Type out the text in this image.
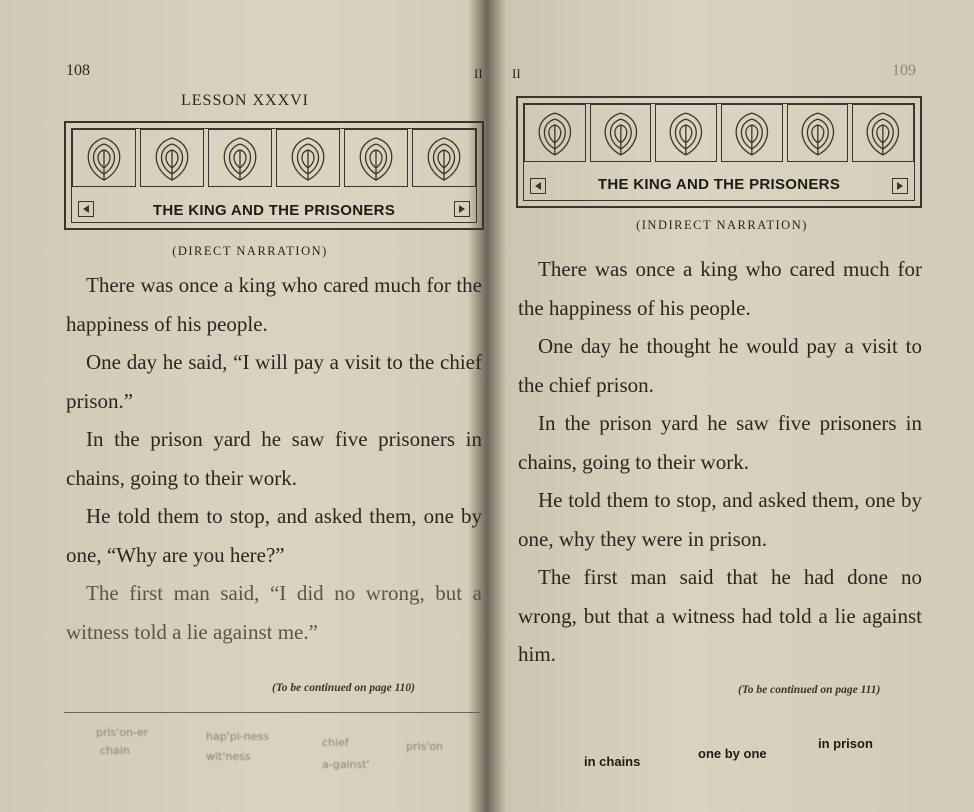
108	II
LESSON XXXVI
THE KING AND THE PRISONERS
(DIRECT NARRATION)

There was once a king who cared much for the happiness of his people.

One day he said, “I will pay a visit to the chief prison.”

In the prison yard he saw five prisoners in chains, going to their work.

He told them to stop, and asked them, one by one, “Why are you here?”

The first man said, “I did no wrong, but a witness told a lie against me.”

(To be continued on page 110)
pris'on-er
chain
hap'pi-ness
wit'ness
chief
a-gainst'
pris'on
II	109
THE KING AND THE PRISONERS
(INDIRECT NARRATION)

There was once a king who cared much for the happiness of his people.

One day he thought he would pay a visit to the chief prison.

In the prison yard he saw five prisoners in chains, going to their work.

He told them to stop, and asked them, one by one, why they were in prison.

The first man said that he had done no wrong, but that a witness had told a lie against him.

(To be continued on page 111)
in chains
one by one
in prison
